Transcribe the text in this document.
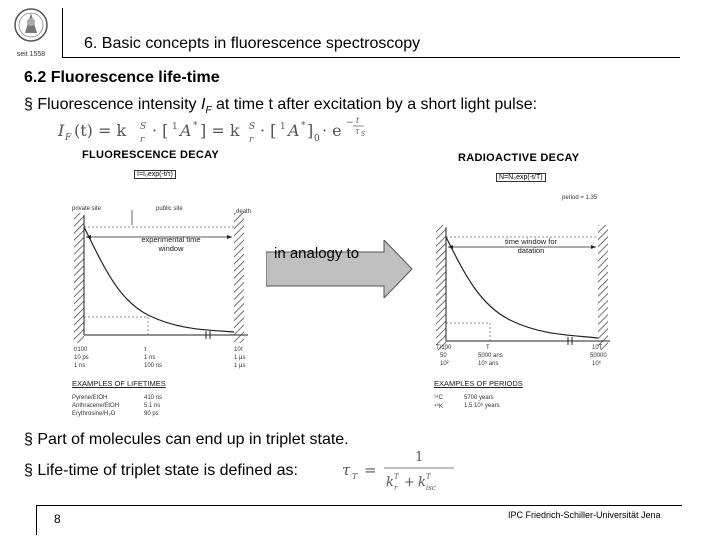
seit 1558
6. Basic concepts in fluorescence spectroscopy
6.2 Fluorescence life-time
§ Fluorescence intensity $I_F$ at time t after excitation by a short light pulse:
I F (t) = k S
r · [ 1 A * ] = k S
r · [ 1 A * ] 0 · e − t
τ S
FLUORESCENCE DECAY
I=I₀exp(-t/τ)
private site	public site	death
experimental time window
t/100	τ	10τ
10 ps	1 ns	1 μs
1 ns	100 ns	1 μs
EXAMPLES OF LIFETIMES
Pyrene/EtOH	410 ns
Anthracene/EtOH	5.1 ns
Erythrosine/H₂O	90 ps
in analogy to
RADIOACTIVE DECAY
N=N₀exp(-t/T)
period = 1.35
time window for datation
T/100	T	10T
50	5000 ans	50000
10²	10⁵ ans	10⁶
EXAMPLES OF PERIODS
¹⁴C	5700 years
⁴⁰K	1,5 10⁹ years
§ Part of molecules can end up in triplet state.
§ Life-time of triplet state is defined as:	τ T =
1
k T
r + k T
isc
8	IPC Friedrich-Schiller-Universität Jena
